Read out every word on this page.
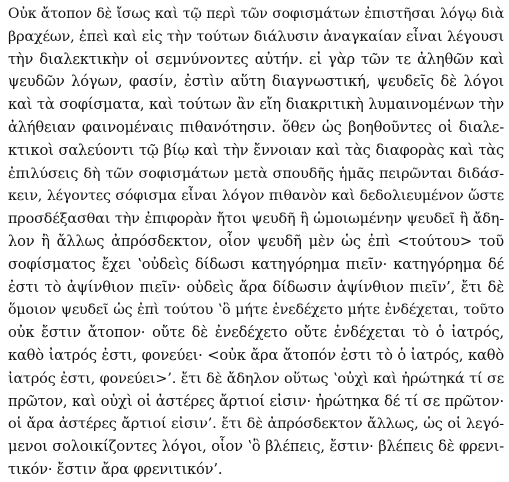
Οὐκ ἄτοπον δὲ ἴσως καὶ τῷ περὶ τῶν σοφισμάτων ἐπιστῆσαι λόγῳ διὰ
βραχέων, ἐπεὶ καὶ εἰς τὴν τούτων διάλυσιν ἀναγκαίαν εἶναι λέγουσι
τὴν διαλεκτικὴν οἱ σεμνύνοντες αὐτήν. εἰ γὰρ τῶν τε ἀληθῶν καὶ
ψευδῶν λόγων, φασίν, ἐστὶν αὕτη διαγνωστική, ψευδεῖς δὲ λόγοι
καὶ τὰ σοφίσματα, καὶ τούτων ἂν εἴη διακριτικὴ λυμαινομένων τὴν
ἀλήθειαν φαινομέναις πιθανότησιν. ὅθεν ὡς βοηθοῦντες οἱ διαλε-
κτικοὶ σαλεύοντι τῷ βίῳ καὶ τὴν ἔννοιαν καὶ τὰς διαφορὰς καὶ τὰς
ἐπιλύσεις δὴ τῶν σοφισμάτων μετὰ σπουδῆς ἡμᾶς πειρῶνται διδάσ-
κειν, λέγοντες σόφισμα εἶναι λόγον πιθανὸν καὶ δεδολιευμένον ὥστε
προσδέξασθαι τὴν ἐπιφορὰν ἤτοι ψευδῆ ἢ ὡμοιωμένην ψευδεῖ ἢ ἄδη-
λον ἢ ἄλλως ἀπρόσδεκτον, οἷον ψευδῆ μὲν ὡς ἐπὶ <τούτου> τοῦ
σοφίσματος ἔχει ʽοὐδεὶς δίδωσι κατηγόρημα πιεῖν· κατηγόρημα δέ
ἐστι τὸ ἀψίνθιον πιεῖν· οὐδεὶς ἄρα δίδωσιν ἀψίνθιον πιεῖν’, ἔτι δὲ
ὅμοιον ψευδεῖ ὡς ἐπὶ τούτου ʽὃ μήτε ἐνεδέχετο μήτε ἐνδέχεται, τοῦτο
οὐκ ἔστιν ἄτοπον· οὔτε δὲ ἐνεδέχετο οὔτε ἐνδέχεται τὸ ὁ ἰατρός,
καθὸ ἰατρός ἐστι, φονεύει· <οὐκ ἄρα ἄτοπόν ἐστι τὸ ὁ ἰατρός, καθὸ
ἰατρός ἐστι, φονεύει>’. ἔτι δὲ ἄδηλον οὕτως ʽοὐχὶ καὶ ἠρώτηκά τί σε
πρῶτον, καὶ οὐχὶ οἱ ἀστέρες ἄρτιοί εἰσιν· ἠρώτηκα δέ τί σε πρῶτον·
οἱ ἄρα ἀστέρες ἄρτιοί εἰσιν’. ἔτι δὲ ἀπρόσδεκτον ἄλλως, ὡς οἱ λεγό-
μενοι σολοικίζοντες λόγοι, οἷον ʽὃ βλέπεις, ἔστιν· βλέπεις δὲ φρενι-
τικόν· ἔστιν ἄρα φρενιτικόν’.
